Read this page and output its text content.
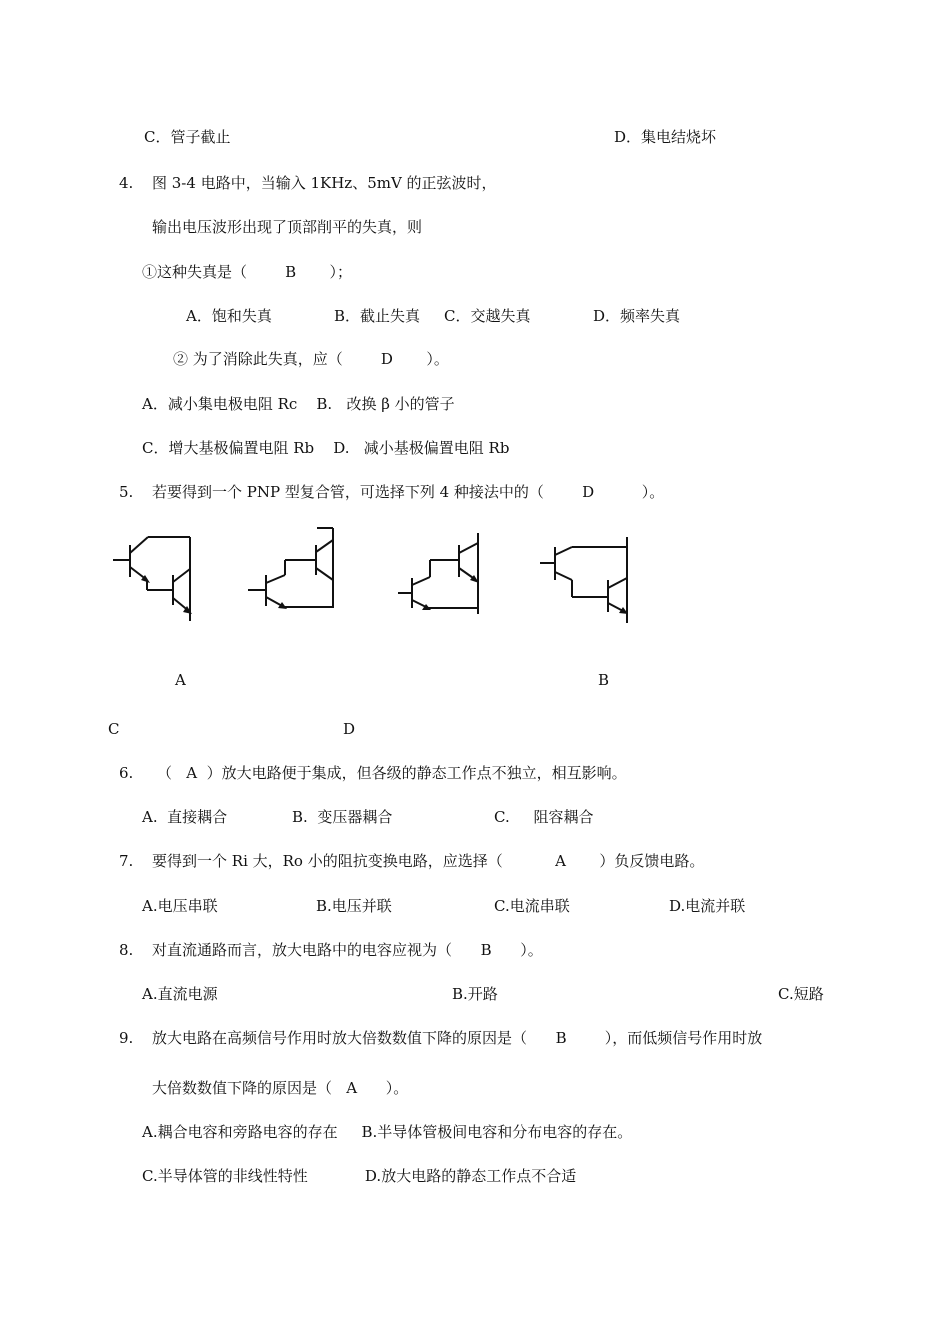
C．管子截止	D．集电结烧坏
4. 图 3-4 电路中，当输入 1KHz、5mV 的正弦波时，
输出电压波形出现了顶部削平的失真，则
①这种失真是（        B       ）；
A．饱和失真	B．截止失真 C．交越失真	D．频率失真
② 为了消除此失真，应（        D       ）。
A．减小集电极电阻 Rc    B.   改换 β 小的管子
C．增大基极偏置电阻 Rb    D.   减小基极偏置电阻 Rb
5. 若要得到一个 PNP 型复合管，可选择下列 4 种接法中的（        D          ）。
A	B
C	D
6. （   A  ）放大电路便于集成，但各级的静态工作点不独立，相互影响。
A.  直接耦合	B.  变压器耦合	C.     阻容耦合
7. 要得到一个 Ri 大，Ro 小的阻抗变换电路，应选择（           A       ）负反馈电路。
A.电压串联	B.电压并联	C.电流串联	D.电流并联
8. 对直流通路而言，放大电路中的电容应视为（      B      ）。
A.直流电源	B.开路	C.短路
9. 放大电路在高频信号作用时放大倍数数值下降的原因是（      B        ），而低频信号作用时放
大倍数数值下降的原因是（   A      ）。
A.耦合电容和旁路电容的存在     B.半导体管极间电容和分布电容的存在。
C.半导体管的非线性特性            D.放大电路的静态工作点不合适
